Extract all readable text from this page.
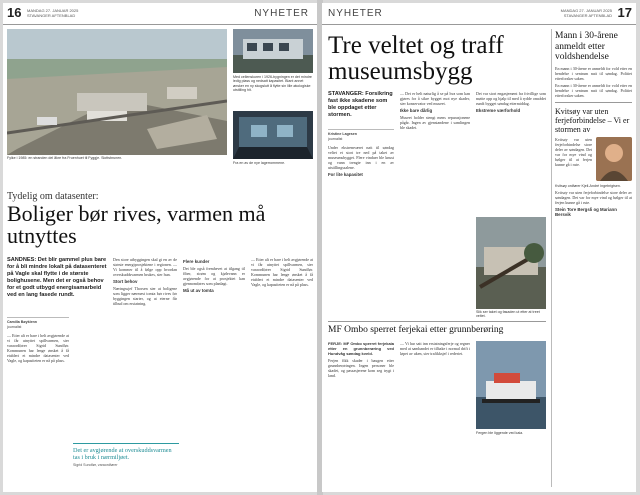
16 MANDAG 27. JANUAR 2025
STAVANGER AFTENBLAD	NYHETER
Fylke i 1985: en stranden del åkre fra Fruenhuet til Fyggje. Slottsbrunen.
Med cellenskuren i 1926-bygningen er det mindre ledig plass og nedsatt kapasitet. Blant annet ønsker en ny skogslutt å flytte sin lille økologiske utstilling hit.
Fra en av de nye lagerrommene.
Tydelig om datasenter:
Boliger bør rives, varmen må utnyttes
SANDNES: Det blir gammel plus bare for å bli mindre lokalt på datasenteret på Vagle skal flytte i de største bolighusene. Men det er også behov for et godt utbygd energisamarbeid ved en lang fasede rundt.
Camilla Bøyklenn
journalist

— Etter alt er bare i helt avgjørende at vi får utnyttet spillvarmen, sier varaordfører Sigrid Sundfør. Kommunen har lenge ønsket å få etablert et mindre datasenter ved Vagle, og kapasiteten er nå på plass.

Den store utbyggingen skal gi en av de største energiprosjektene i regionen. — Vi kommer til å følge opp hvordan overskuddsvarmen brukes, sier hun.

Stort behov

Næringssjef Thorsen sier at boligene som ligger nærmest tomta bør rives før byggingen starter, og at eierne får tilbud om erstatning.

Flere kunder

Det ble også fremhevet at tilgang til fiber, strøm og kjølevann er avgjørende for at prosjektet kan gjennomføres som planlagt.

Må ut av tomta

— Etter alt er bare i helt avgjørende at vi får utnyttet spillvarmen, sier varaordfører Sigrid Sundfør. Kommunen har lenge ønsket å få etablert et mindre datasenter ved Vagle, og kapasiteten er nå på plass.

Det er avgjørende at overskuddsvarmen tas i bruk i nærmiljøet.
Sigrid Sundfør, varaordfører
NYHETER	MANDAG 27. JANUAR 2025
STAVANGER AFTENBLAD 17
Tre veltet og traff museumsbygg
STAVANGER: Forsikring fast ikke skadene som ble oppdaget etter stormen.
Kristine Lagesen
journalist

Under ekstremværet natt til søndag veltet et stort tre ned på taket av museumsbygget. Flere vinduer ble knust og vann trengte inn i en av utstillingssalene.

For lite kapasitet

— Det er helt naturlig å se på hva som kan gjøres for å sikre bygget mot nye skader, sier konservator ved museet.

Ikke bare dårlig

Museet holder stengt mens reparasjonene pågår. Ingen av gjenstandene i samlingen ble skadet.

Det var stort engasjement fra frivillige som møtte opp og hjalp til med å rydde området rundt bygget søndag ettermiddag.

Ekstreme værforhold
Slik ser taket og fasaden ut etter at treet veltet.
MF Ombo sperret ferjekai etter grunnberøring

FERJE: MF Ombo sperret ferjekaia etter en grunnberøring ved Hundvåg søndag kveld.

Ferjen fikk skader i baugen etter grunnberøringen. Ingen personer ble skadet, og passasjerene kom seg trygt i land.

— Vi har satt inn erstatningsferje og regner med at sambandet er tilbake i normal drift i løpet av uken, sier trafikksjef i rederiet.

Fergen ble liggende ved kaia.
Mann i 30-årene anmeldt etter voldshendelse

En mann i 30-årene er anmeldt for vold etter en hendelse i sentrum natt til søndag. Politiet etterforsker saken.

En mann i 30-årene er anmeldt for vold etter en hendelse i sentrum natt til søndag. Politiet etterforsker saken.

Kvitsøy var uten ferjeforbindelse – Vi er stormen av

Kvitsøy var uten ferjeforbindelse store deler av søndagen. Det var for mye vind og bølger til at ferjen kunne gå i rute.

Kvitsøy ordfører Kjell-André Ingebrigtsen.

Kvitsøy var uten ferjeforbindelse store deler av søndagen. Det var for mye vind og bølger til at ferjen kunne gå i rute.

Stein Tore Bergsli og Mariann Bersvik
